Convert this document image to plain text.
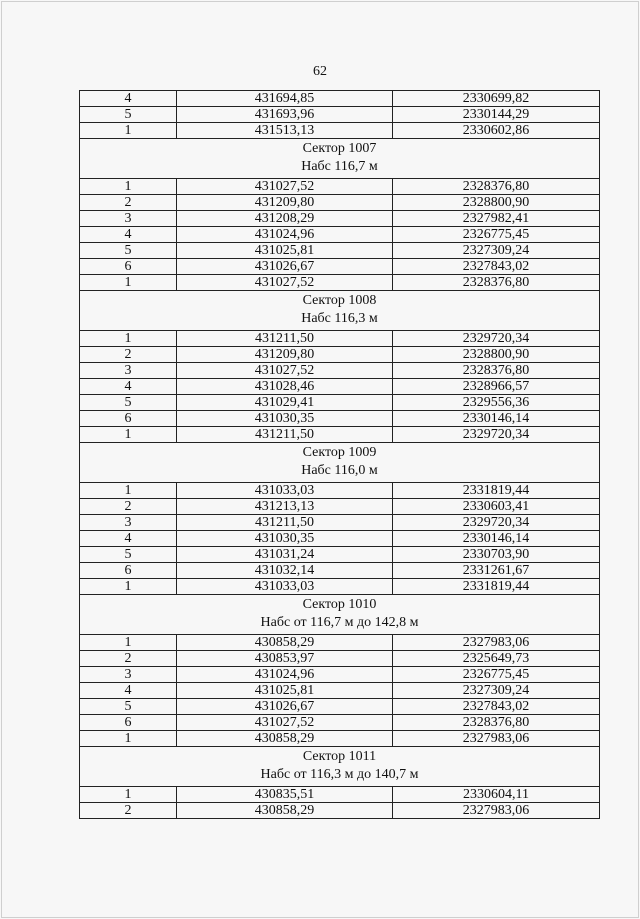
62
4	431694,85	2330699,82
5	431693,96	2330144,29
1	431513,13	2330602,86

Сектор 1007
Набс 116,7 м		

1	431027,52	2328376,80
2	431209,80	2328800,90
3	431208,29	2327982,41
4	431024,96	2326775,45
5	431025,81	2327309,24
6	431026,67	2327843,02
1	431027,52	2328376,80

Сектор 1008
Набс 116,3 м		

1	431211,50	2329720,34
2	431209,80	2328800,90
3	431027,52	2328376,80
4	431028,46	2328966,57
5	431029,41	2329556,36
6	431030,35	2330146,14
1	431211,50	2329720,34

Сектор 1009
Набс 116,0 м		

1	431033,03	2331819,44
2	431213,13	2330603,41
3	431211,50	2329720,34
4	431030,35	2330146,14
5	431031,24	2330703,90
6	431032,14	2331261,67
1	431033,03	2331819,44

Сектор 1010
Набс от 116,7 м до 142,8 м		

1	430858,29	2327983,06
2	430853,97	2325649,73
3	431024,96	2326775,45
4	431025,81	2327309,24
5	431026,67	2327843,02
6	431027,52	2328376,80
1	430858,29	2327983,06

Сектор 1011
Набс от 116,3 м до 140,7 м		

1	430835,51	2330604,11
2	430858,29	2327983,06
